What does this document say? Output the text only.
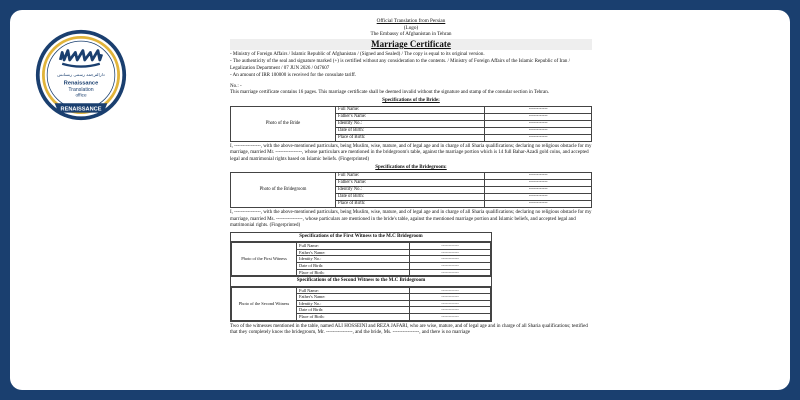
دارالترجمه رسمی رنسانس
Renaissance
Translation
office
RENAISSANCE
Official Translation from Persian
(Logo)
The Embassy of Afghanistan in Tehran
Marriage Certificate
- Ministry of Foreign Affairs / Islamic Republic of Afghanistan / (Signed and Sealed) / The copy is equal to its original version.
- The authenticity of the seal and signature marked (+) is certified without any consideration to the contents. / Ministry of Foreign Affairs of the Islamic Republic of Iran / Legalization Department / 07 JUN 2026 / 047607
- An amount of IRR 100000 is received for the consulate tariff.
No.: -
This marriage certificate contains 16 pages. This marriage certificate shall be deemed invalid without the signature and stamp of the consular section in Tehran.
Specifications of the Bride:
Photo of the Bride	Full Name:	------------
	Father's Name:	------------
	Identity No.:	------------
	Date of Birth:	------------
	Place of Birth:	------------
I, ----------------, with the above-mentioned particulars, being Muslim, wise, mature, and of legal age and in charge of all Sharia qualifications; declaring no religious obstacle for my marriage, married Mr. ----------------, whose particulars are mentioned in the bridegroom's table, against the marriage portion which is 14 full Bahar-Azadi gold coins, and accepted legal and matrimonial rights based on Islamic beliefs. (Fingerprinted)
Specifications of the Bridegroom:
Photo of the Bridegroom	Full Name:	------------
	Father's Name:	------------
	Identity No.:	------------
	Date of Birth:	------------
	Place of Birth:	------------
I, ----------------, with the above-mentioned particulars, being Muslim, wise, mature, and of legal age and in charge of all Sharia qualifications; declaring no religious obstacle for my marriage, married Ms. ----------------, whose particulars are mentioned in the bride's table, against the mentioned marriage portion and Islamic beliefs, and accepted legal and matrimonial rights. (Fingerprinted)
Specifications of the First Witness to the M.C Bridegroom
Photo of the First Witness	Full Name:	------------
	Father's Name:	------------
	Identity No.:	------------
	Date of Birth:	------------
	Place of Birth:	------------
Specifications of the Second Witness to the M.C Bridegroom
Photo of the Second Witness	Full Name:	------------
	Father's Name:	------------
	Identity No.:	------------
	Date of Birth:	------------
	Place of Birth:	------------
Two of the witnesses mentioned in the table, named ALI HOSSEINI and REZA JAFARI, who are wise, mature, and of legal age and in charge of all Sharia qualifications; testified that they completely know the bridegroom, Mr. ----------------, and the bride, Ms. ----------------, and there is no marriage
